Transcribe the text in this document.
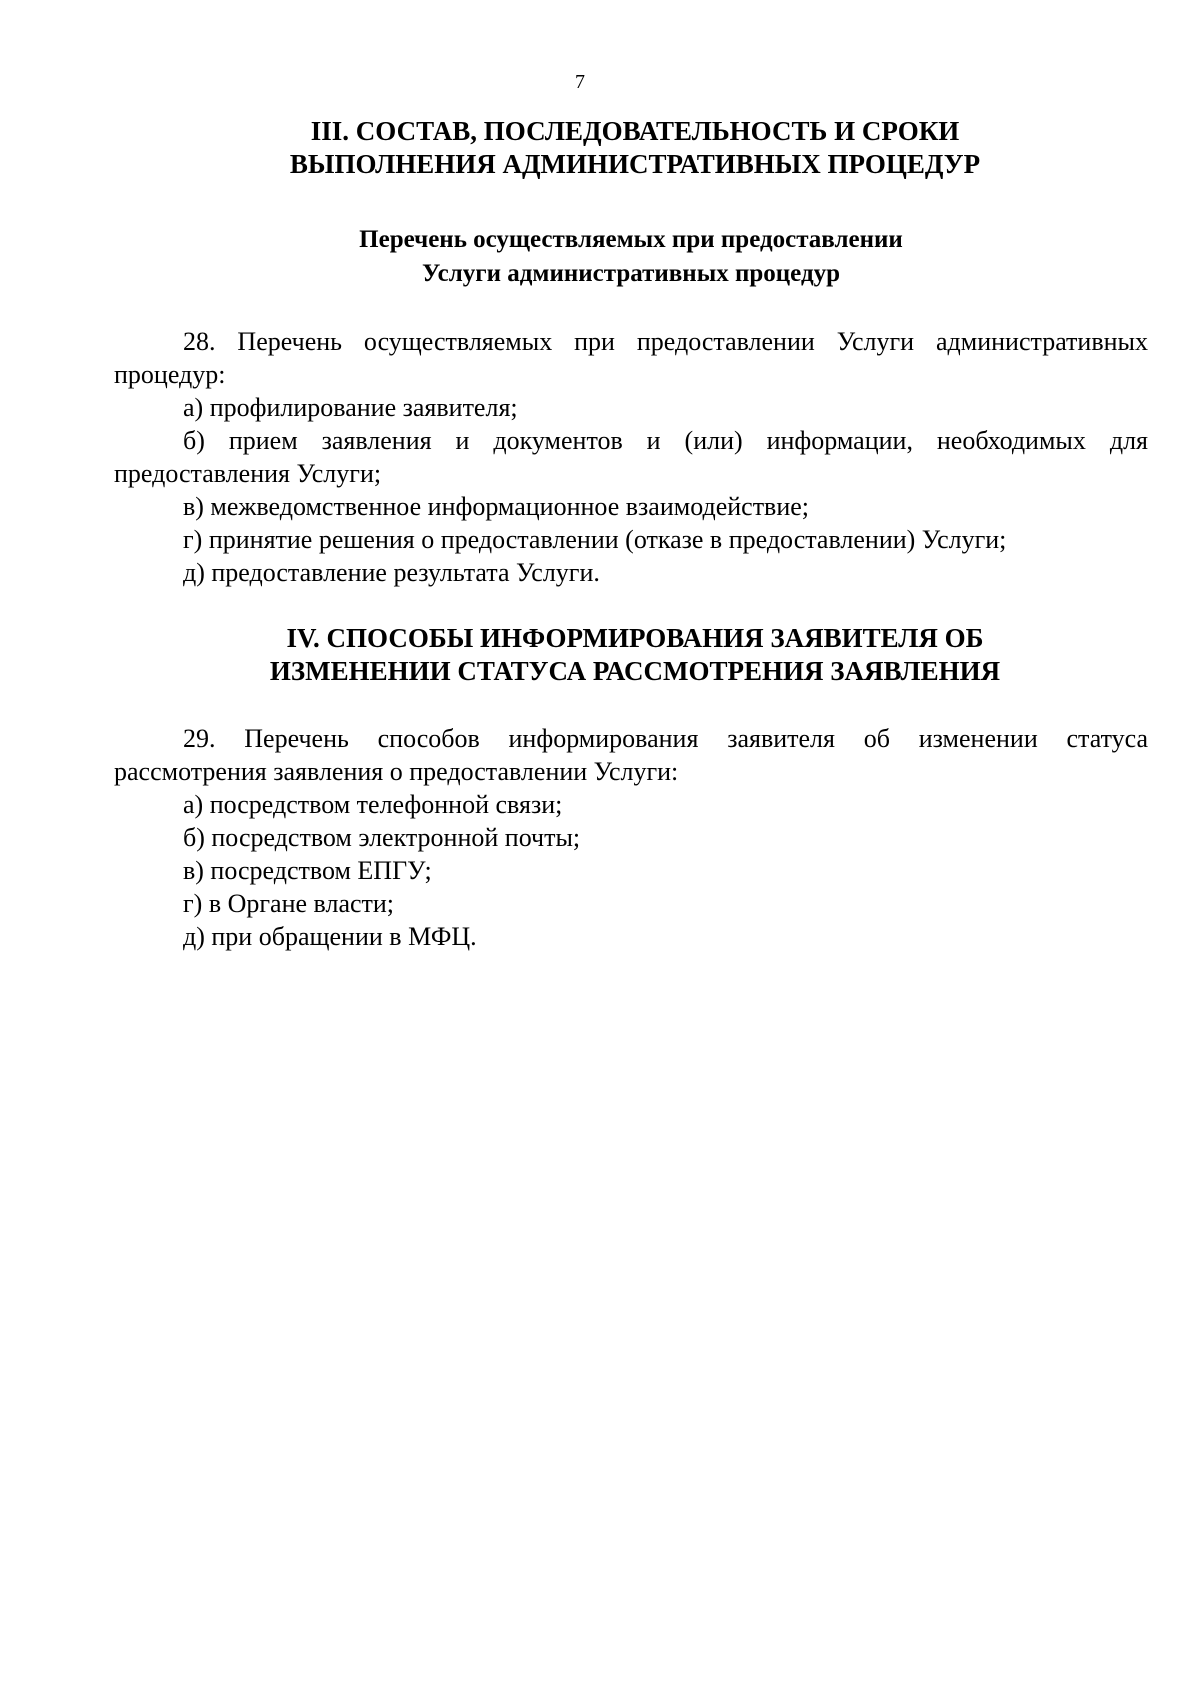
7
III. СОСТАВ, ПОСЛЕДОВАТЕЛЬНОСТЬ И СРОКИ
ВЫПОЛНЕНИЯ АДМИНИСТРАТИВНЫХ ПРОЦЕДУР
Перечень осуществляемых при предоставлении
Услуги административных процедур

28. Перечень осуществляемых при предоставлении Услуги административных процедур:

а) профилирование заявителя;
б) прием заявления и документов и (или) информации, необходимых для предоставления Услуги;
в) межведомственное информационное взаимодействие;
г) принятие решения о предоставлении (отказе в предоставлении) Услуги;
д) предоставление результата Услуги.
IV. СПОСОБЫ ИНФОРМИРОВАНИЯ ЗАЯВИТЕЛЯ ОБ
ИЗМЕНЕНИИ СТАТУСА РАССМОТРЕНИЯ ЗАЯВЛЕНИЯ

29. Перечень способов информирования заявителя об изменении статуса рассмотрения заявления о предоставлении Услуги:

а) посредством телефонной связи;
б) посредством электронной почты;
в) посредством ЕПГУ;
г) в Органе власти;
д) при обращении в МФЦ.
